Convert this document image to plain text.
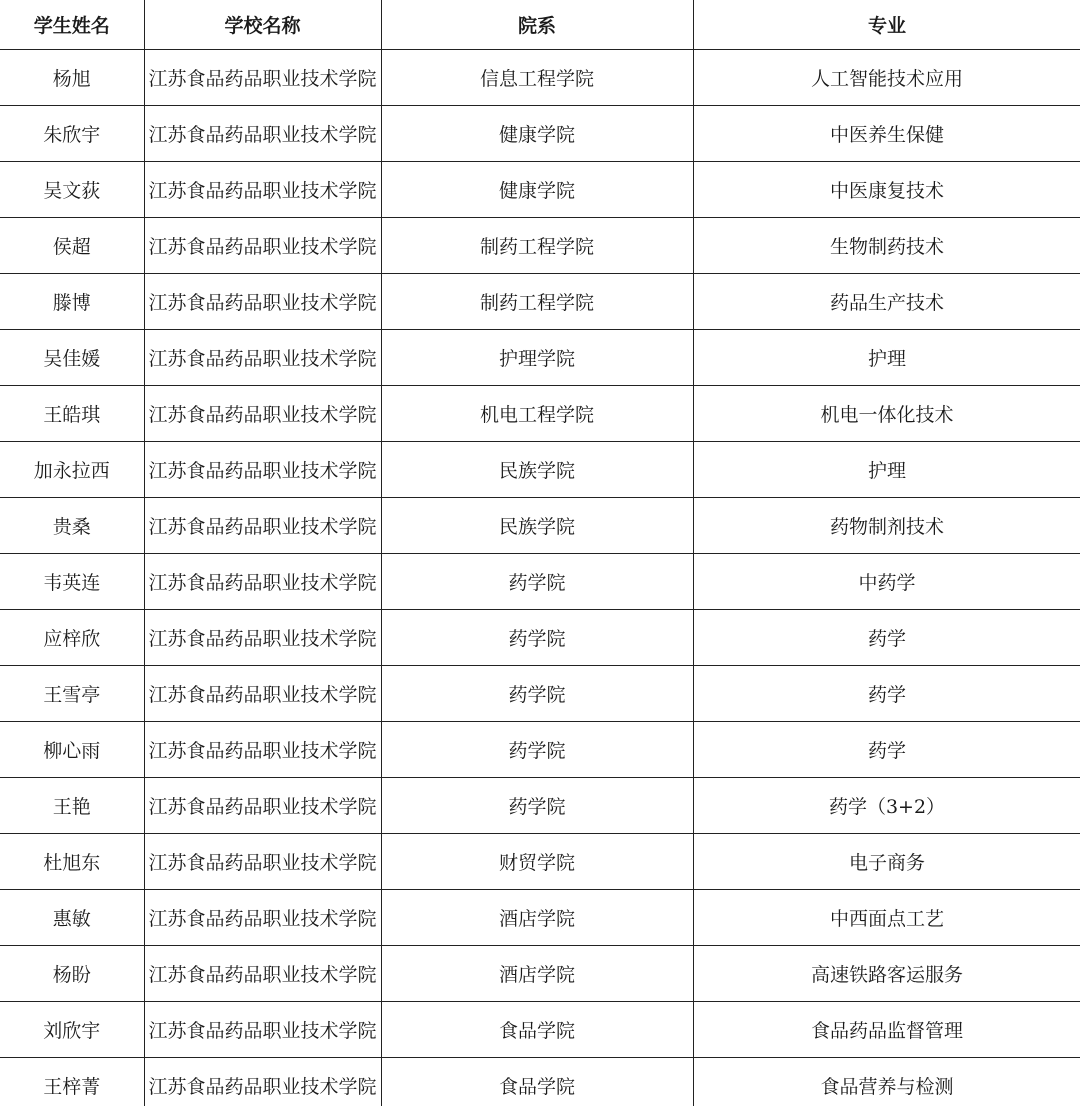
学生姓名	学校名称	院系	专业
杨旭	江苏食品药品职业技术学院	信息工程学院	人工智能技术应用
朱欣宇	江苏食品药品职业技术学院	健康学院	中医养生保健
吴文荻	江苏食品药品职业技术学院	健康学院	中医康复技术
侯超	江苏食品药品职业技术学院	制药工程学院	生物制药技术
滕博	江苏食品药品职业技术学院	制药工程学院	药品生产技术
吴佳媛	江苏食品药品职业技术学院	护理学院	护理
王皓琪	江苏食品药品职业技术学院	机电工程学院	机电一体化技术
加永拉西	江苏食品药品职业技术学院	民族学院	护理
贵桑	江苏食品药品职业技术学院	民族学院	药物制剂技术
韦英连	江苏食品药品职业技术学院	药学院	中药学
应梓欣	江苏食品药品职业技术学院	药学院	药学
王雪亭	江苏食品药品职业技术学院	药学院	药学
柳心雨	江苏食品药品职业技术学院	药学院	药学
王艳	江苏食品药品职业技术学院	药学院	药学（3+2）
杜旭东	江苏食品药品职业技术学院	财贸学院	电子商务
惠敏	江苏食品药品职业技术学院	酒店学院	中西面点工艺
杨盼	江苏食品药品职业技术学院	酒店学院	高速铁路客运服务
刘欣宇	江苏食品药品职业技术学院	食品学院	食品药品监督管理
王梓菁	江苏食品药品职业技术学院	食品学院	食品营养与检测
